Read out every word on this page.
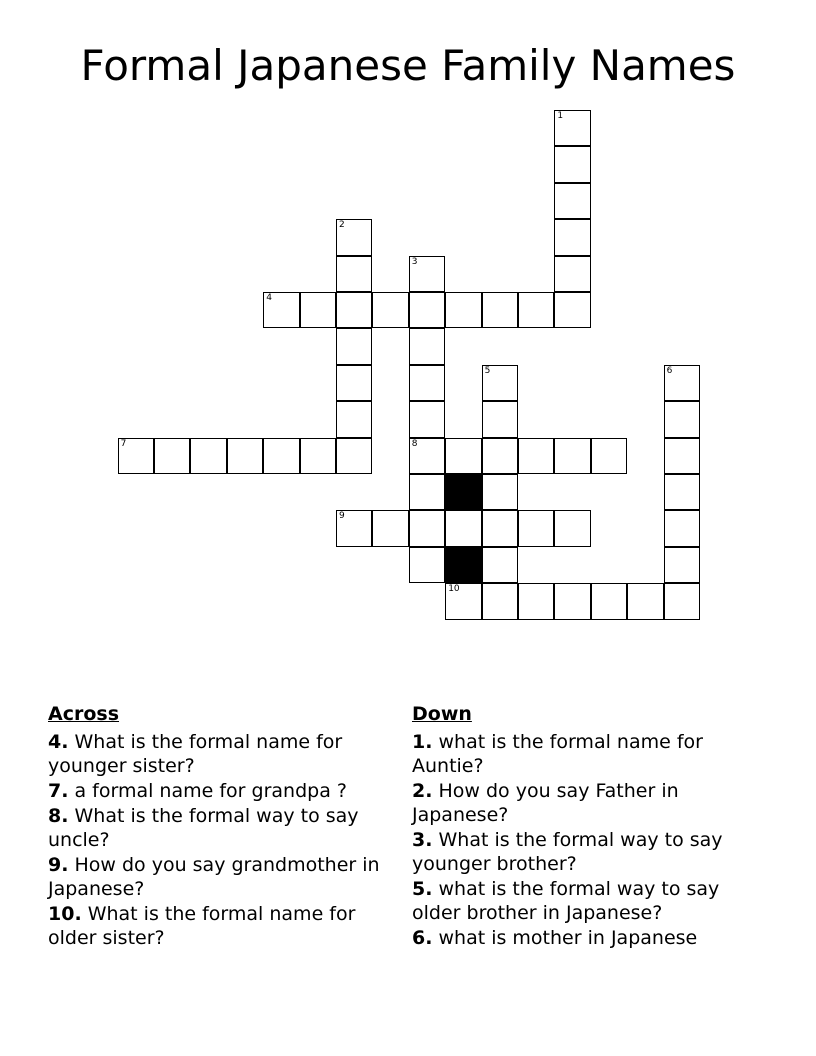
Formal Japanese Family Names
1
2
3
8
4
5	6
7
9
10
Across
4. What is the formal name for younger sister?
7. a formal name for grandpa ?
8. What is the formal way to say uncle?
9. How do you say grandmother in Japanese?
10. What is the formal name for older sister?
Down
1. what is the formal name for Auntie?
2. How do you say Father in Japanese?
3. What is the formal way to say younger brother?
5. what is the formal way to say older brother in Japanese?
6. what is mother in Japanese
